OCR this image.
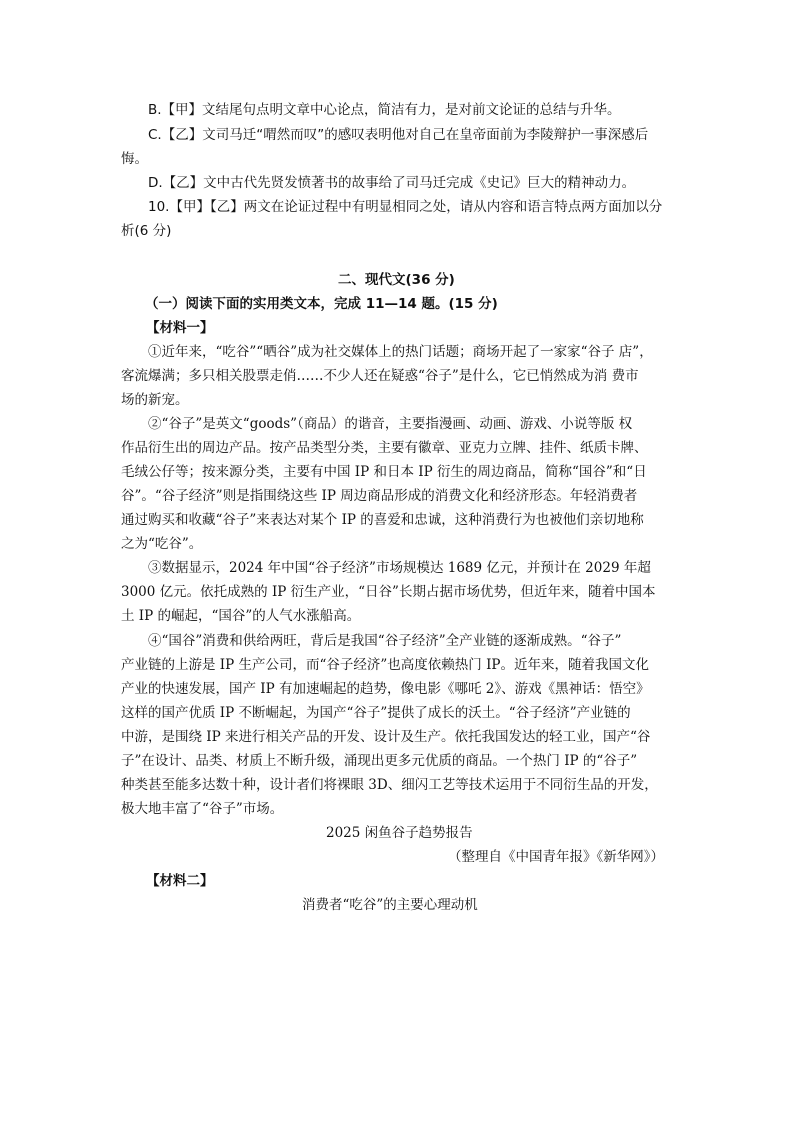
B.【甲】文结尾句点明文章中心论点，简洁有力，是对前文论证的总结与升华。
C.【乙】文司马迁“喟然而叹”的感叹表明他对自己在皇帝面前为李陵辩护一事深感后
悔。
D.【乙】文中古代先贤发愤著书的故事给了司马迁完成《史记》巨大的精神动力。
10.【甲】【乙】两文在论证过程中有明显相同之处，请从内容和语言特点两方面加以分
析(6 分)
二、现代文(36 分)
（一）阅读下面的实用类文本，完成 11—14 题。(15 分)
【材料一】
①近年来，“吃谷”“晒谷”成为社交媒体上的热门话题；商场开起了一家家“谷子 店”，
客流爆满；多只相关股票走俏……不少人还在疑惑“谷子”是什么，它已悄然成为消 费市
场的新宠。
②“谷子”是英文“goods”（商品）的谐音，主要指漫画、动画、游戏、小说等版 权
作品衍生出的周边产品。按产品类型分类，主要有徽章、亚克力立牌、挂件、纸质卡牌、
毛绒公仔等；按来源分类，主要有中国 IP 和日本 IP 衍生的周边商品，简称“国谷”和“日
谷”。“谷子经济”则是指围绕这些 IP 周边商品形成的消费文化和经济形态。年轻消费者
通过购买和收藏“谷子”来表达对某个 IP 的喜爱和忠诚，这种消费行为也被他们亲切地称
之为“吃谷”。
③数据显示，2024 年中国“谷子经济”市场规模达 1689 亿元，并预计在 2029 年超
3000 亿元。依托成熟的 IP 衍生产业，“日谷”长期占据市场优势，但近年来，随着中国本
土 IP 的崛起，“国谷”的人气水涨船高。
④“国谷”消费和供给两旺，背后是我国“谷子经济”全产业链的逐渐成熟。“谷子”
产业链的上游是 IP 生产公司，而“谷子经济”也高度依赖热门 IP。近年来，随着我国文化
产业的快速发展，国产 IP 有加速崛起的趋势，像电影《哪吒 2》、游戏《黑神话：悟空》
这样的国产优质 IP 不断崛起，为国产“谷子”提供了成长的沃土。“谷子经济”产业链的
中游，是围绕 IP 来进行相关产品的开发、设计及生产。依托我国发达的轻工业，国产“谷
子”在设计、品类、材质上不断升级，涌现出更多元优质的商品。一个热门 IP 的“谷子”
种类甚至能多达数十种，设计者们将裸眼 3D、细闪工艺等技术运用于不同衍生品的开发，
极大地丰富了“谷子”市场。
2025 闲鱼谷子趋势报告
（整理自《中国青年报》《新华网》）
【材料二】
消费者“吃谷”的主要心理动机
